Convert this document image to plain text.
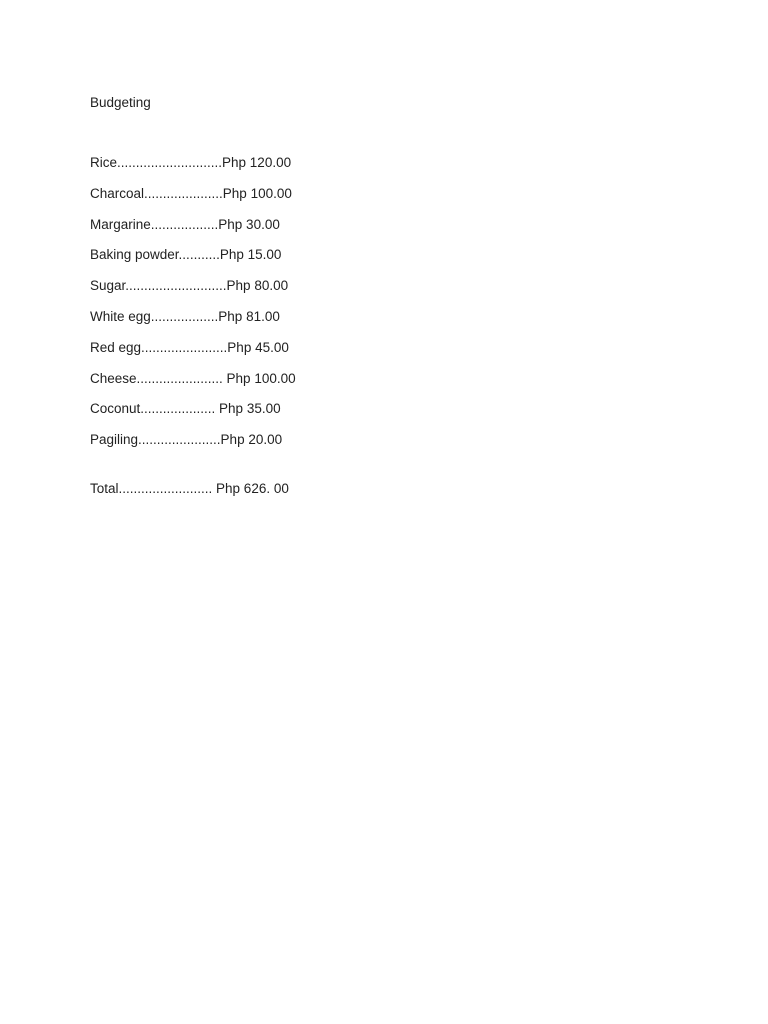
Budgeting
Rice............................Php 120.00
Charcoal.....................Php 100.00
Margarine..................Php 30.00
Baking powder...........Php 15.00
Sugar...........................Php 80.00
White egg..................Php 81.00
Red egg.......................Php 45.00
Cheese....................... Php 100.00
Coconut.................... Php 35.00
Pagiling......................Php 20.00
Total......................... Php 626. 00
